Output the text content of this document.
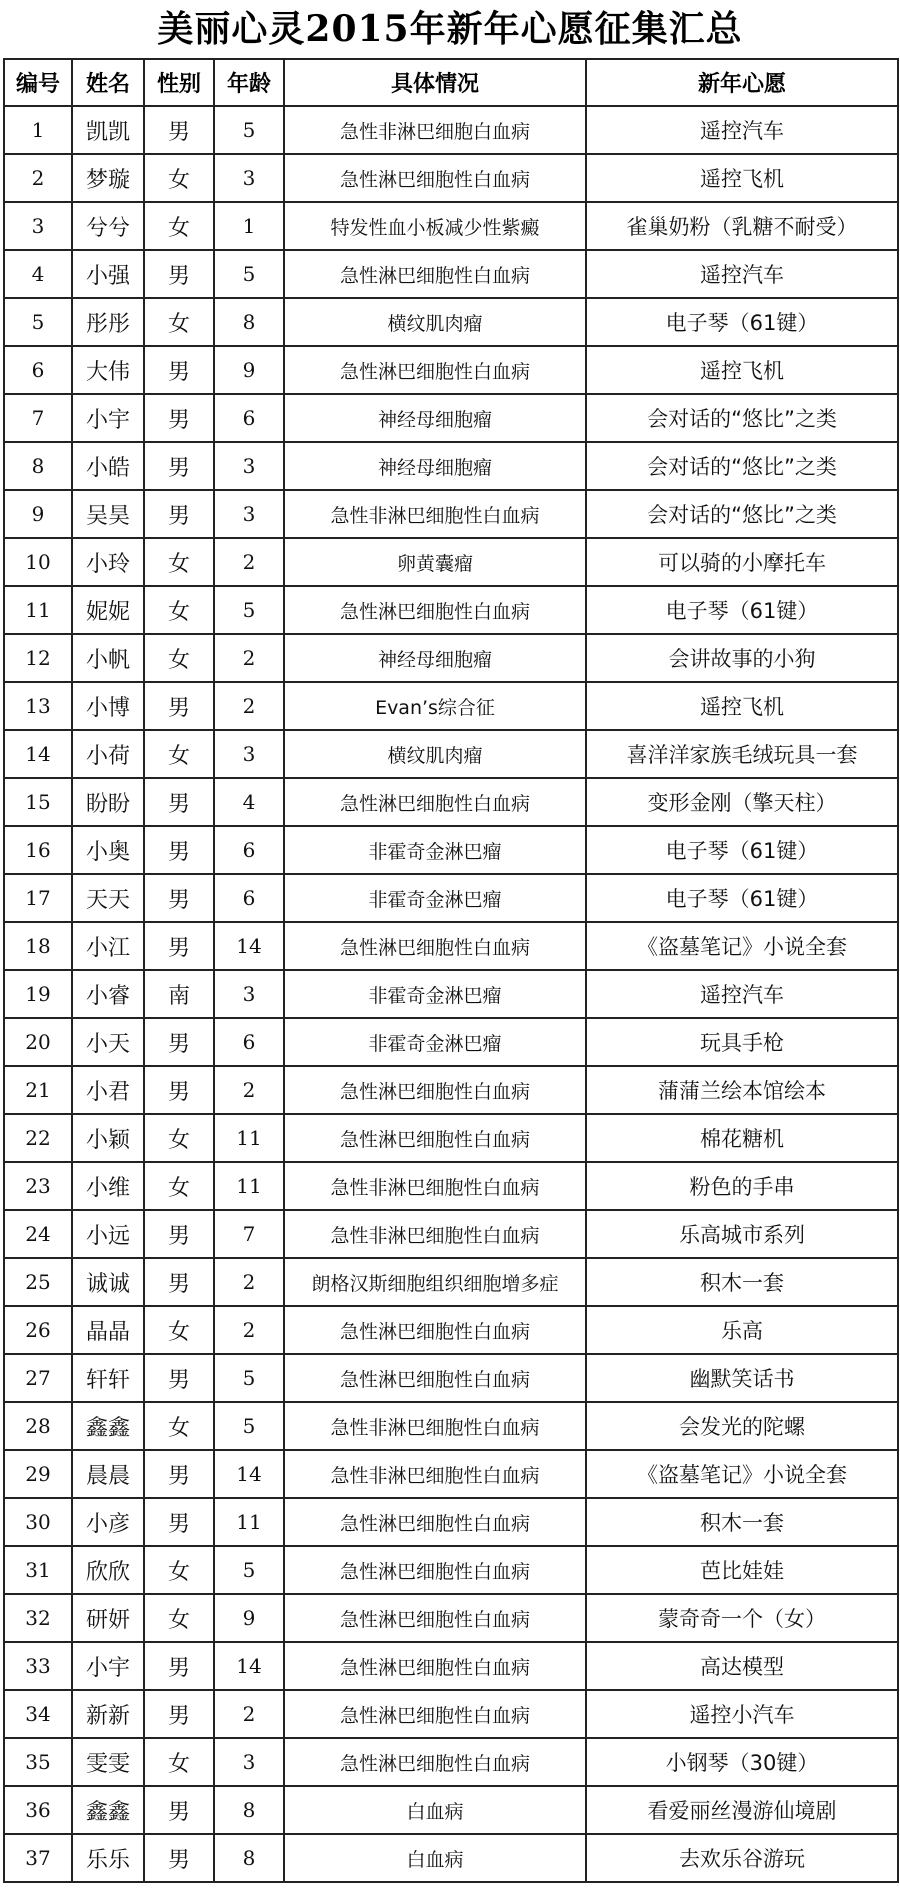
美丽心灵2015年新年心愿征集汇总
编号	姓名	性别	年龄	具体情况	新年心愿
1	凯凯	男	5	急性非淋巴细胞白血病	遥控汽车
2	梦璇	女	3	急性淋巴细胞性白血病	遥控飞机
3	兮兮	女	1	特发性血小板减少性紫癜	雀巢奶粉（乳糖不耐受）
4	小强	男	5	急性淋巴细胞性白血病	遥控汽车
5	彤彤	女	8	横纹肌肉瘤	电子琴（61键）
6	大伟	男	9	急性淋巴细胞性白血病	遥控飞机
7	小宇	男	6	神经母细胞瘤	会对话的“悠比”之类
8	小皓	男	3	神经母细胞瘤	会对话的“悠比”之类
9	吴昊	男	3	急性非淋巴细胞性白血病	会对话的“悠比”之类
10	小玲	女	2	卵黄囊瘤	可以骑的小摩托车
11	妮妮	女	5	急性淋巴细胞性白血病	电子琴（61键）
12	小帆	女	2	神经母细胞瘤	会讲故事的小狗
13	小博	男	2	Evan’s综合征	遥控飞机
14	小荷	女	3	横纹肌肉瘤	喜洋洋家族毛绒玩具一套
15	盼盼	男	4	急性淋巴细胞性白血病	变形金刚（擎天柱）
16	小奥	男	6	非霍奇金淋巴瘤	电子琴（61键）
17	天天	男	6	非霍奇金淋巴瘤	电子琴（61键）
18	小江	男	14	急性淋巴细胞性白血病	《盗墓笔记》小说全套
19	小睿	南	3	非霍奇金淋巴瘤	遥控汽车
20	小天	男	6	非霍奇金淋巴瘤	玩具手枪
21	小君	男	2	急性淋巴细胞性白血病	蒲蒲兰绘本馆绘本
22	小颖	女	11	急性淋巴细胞性白血病	棉花糖机
23	小维	女	11	急性非淋巴细胞性白血病	粉色的手串
24	小远	男	7	急性非淋巴细胞性白血病	乐高城市系列
25	诚诚	男	2	朗格汉斯细胞组织细胞增多症	积木一套
26	晶晶	女	2	急性淋巴细胞性白血病	乐高
27	轩轩	男	5	急性淋巴细胞性白血病	幽默笑话书
28	鑫鑫	女	5	急性非淋巴细胞性白血病	会发光的陀螺
29	晨晨	男	14	急性非淋巴细胞性白血病	《盗墓笔记》小说全套
30	小彦	男	11	急性淋巴细胞性白血病	积木一套
31	欣欣	女	5	急性淋巴细胞性白血病	芭比娃娃
32	研妍	女	9	急性淋巴细胞性白血病	蒙奇奇一个（女）
33	小宇	男	14	急性淋巴细胞性白血病	高达模型
34	新新	男	2	急性淋巴细胞性白血病	遥控小汽车
35	雯雯	女	3	急性淋巴细胞性白血病	小钢琴（30键）
36	鑫鑫	男	8	白血病	看爱丽丝漫游仙境剧
37	乐乐	男	8	白血病	去欢乐谷游玩
